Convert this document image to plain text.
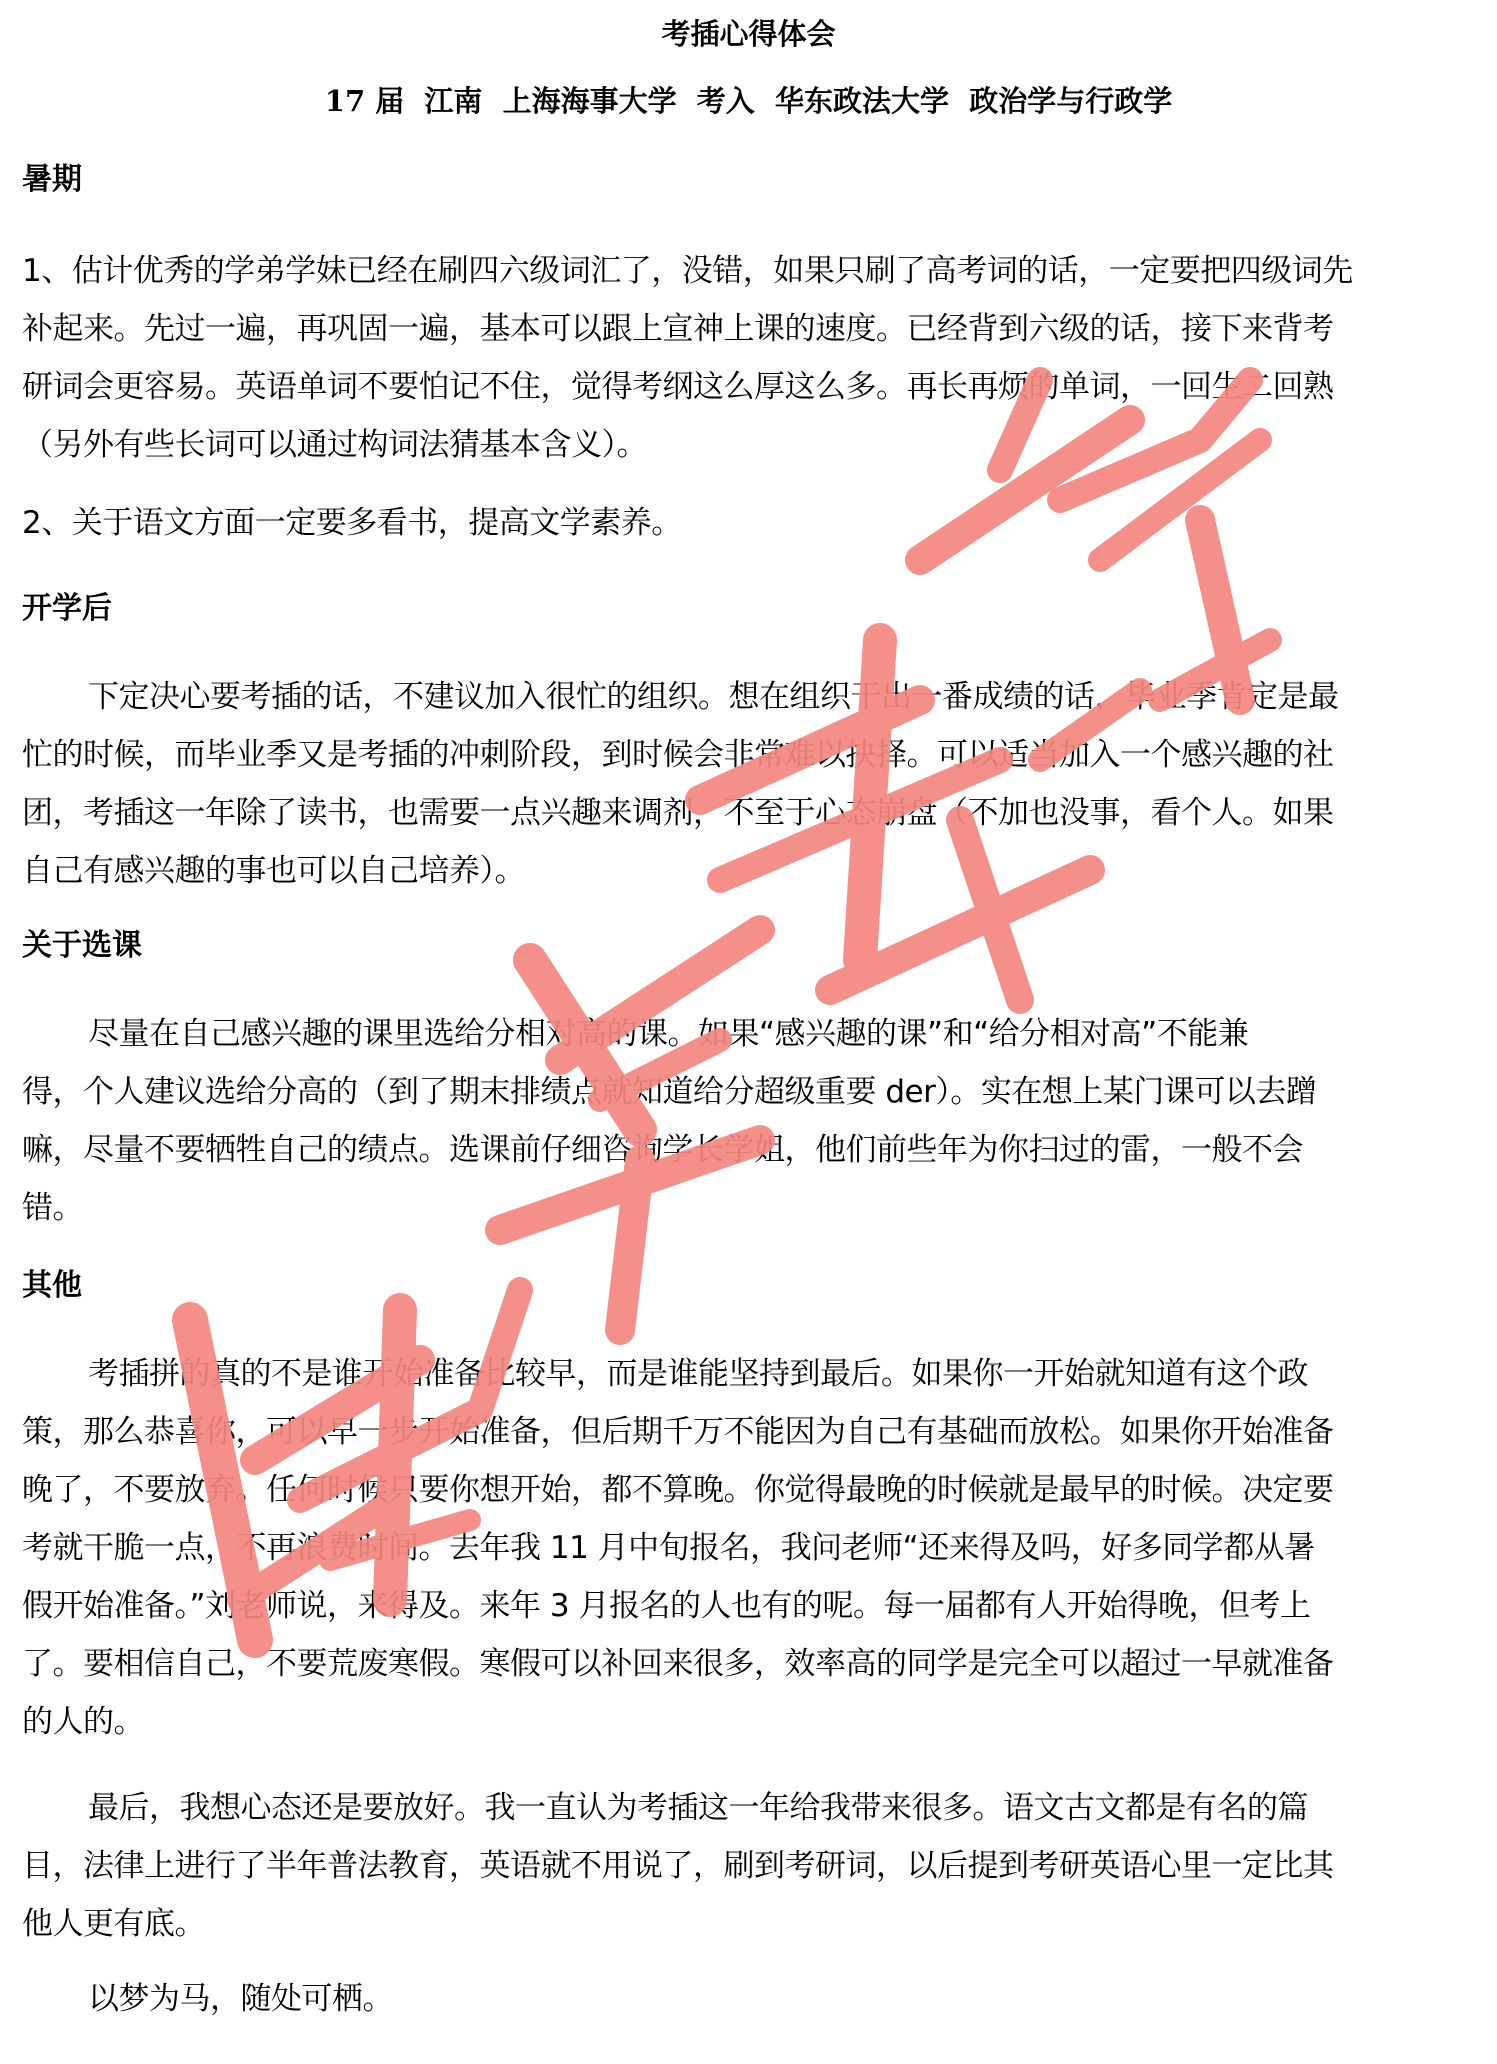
考插心得体会
17 届  江南  上海海事大学  考入  华东政法大学  政治学与行政学
暑期
1、估计优秀的学弟学妹已经在刷四六级词汇了，没错，如果只刷了高考词的话，一定要把四级词先
补起来。先过一遍，再巩固一遍，基本可以跟上宣神上课的速度。已经背到六级的话，接下来背考
研词会更容易。英语单词不要怕记不住，觉得考纲这么厚这么多。再长再烦的单词，一回生二回熟
（另外有些长词可以通过构词法猜基本含义）。
2、关于语文方面一定要多看书，提高文学素养。
开学后
下定决心要考插的话，不建议加入很忙的组织。想在组织干出一番成绩的话，毕业季肯定是最
忙的时候，而毕业季又是考插的冲刺阶段，到时候会非常难以抉择。可以适当加入一个感兴趣的社
团，考插这一年除了读书，也需要一点兴趣来调剂，不至于心态崩盘（不加也没事，看个人。如果
自己有感兴趣的事也可以自己培养）。
关于选课
尽量在自己感兴趣的课里选给分相对高的课。如果“感兴趣的课”和“给分相对高”不能兼
得，个人建议选给分高的（到了期末排绩点就知道给分超级重要 der）。实在想上某门课可以去蹭
嘛，尽量不要牺牲自己的绩点。选课前仔细咨询学长学姐，他们前些年为你扫过的雷，一般不会
错。
其他
考插拼的真的不是谁开始准备比较早，而是谁能坚持到最后。如果你一开始就知道有这个政
策，那么恭喜你，可以早一步开始准备，但后期千万不能因为自己有基础而放松。如果你开始准备
晚了，不要放弃。任何时候只要你想开始，都不算晚。你觉得最晚的时候就是最早的时候。决定要
考就干脆一点，不再浪费时间。去年我 11 月中旬报名，我问老师“还来得及吗，好多同学都从暑
假开始准备。”刘老师说，来得及。来年 3 月报名的人也有的呢。每一届都有人开始得晚，但考上
了。要相信自己，不要荒废寒假。寒假可以补回来很多，效率高的同学是完全可以超过一早就准备
的人的。
最后，我想心态还是要放好。我一直认为考插这一年给我带来很多。语文古文都是有名的篇
目，法律上进行了半年普法教育，英语就不用说了，刷到考研词，以后提到考研英语心里一定比其
他人更有底。
以梦为马，随处可栖。
